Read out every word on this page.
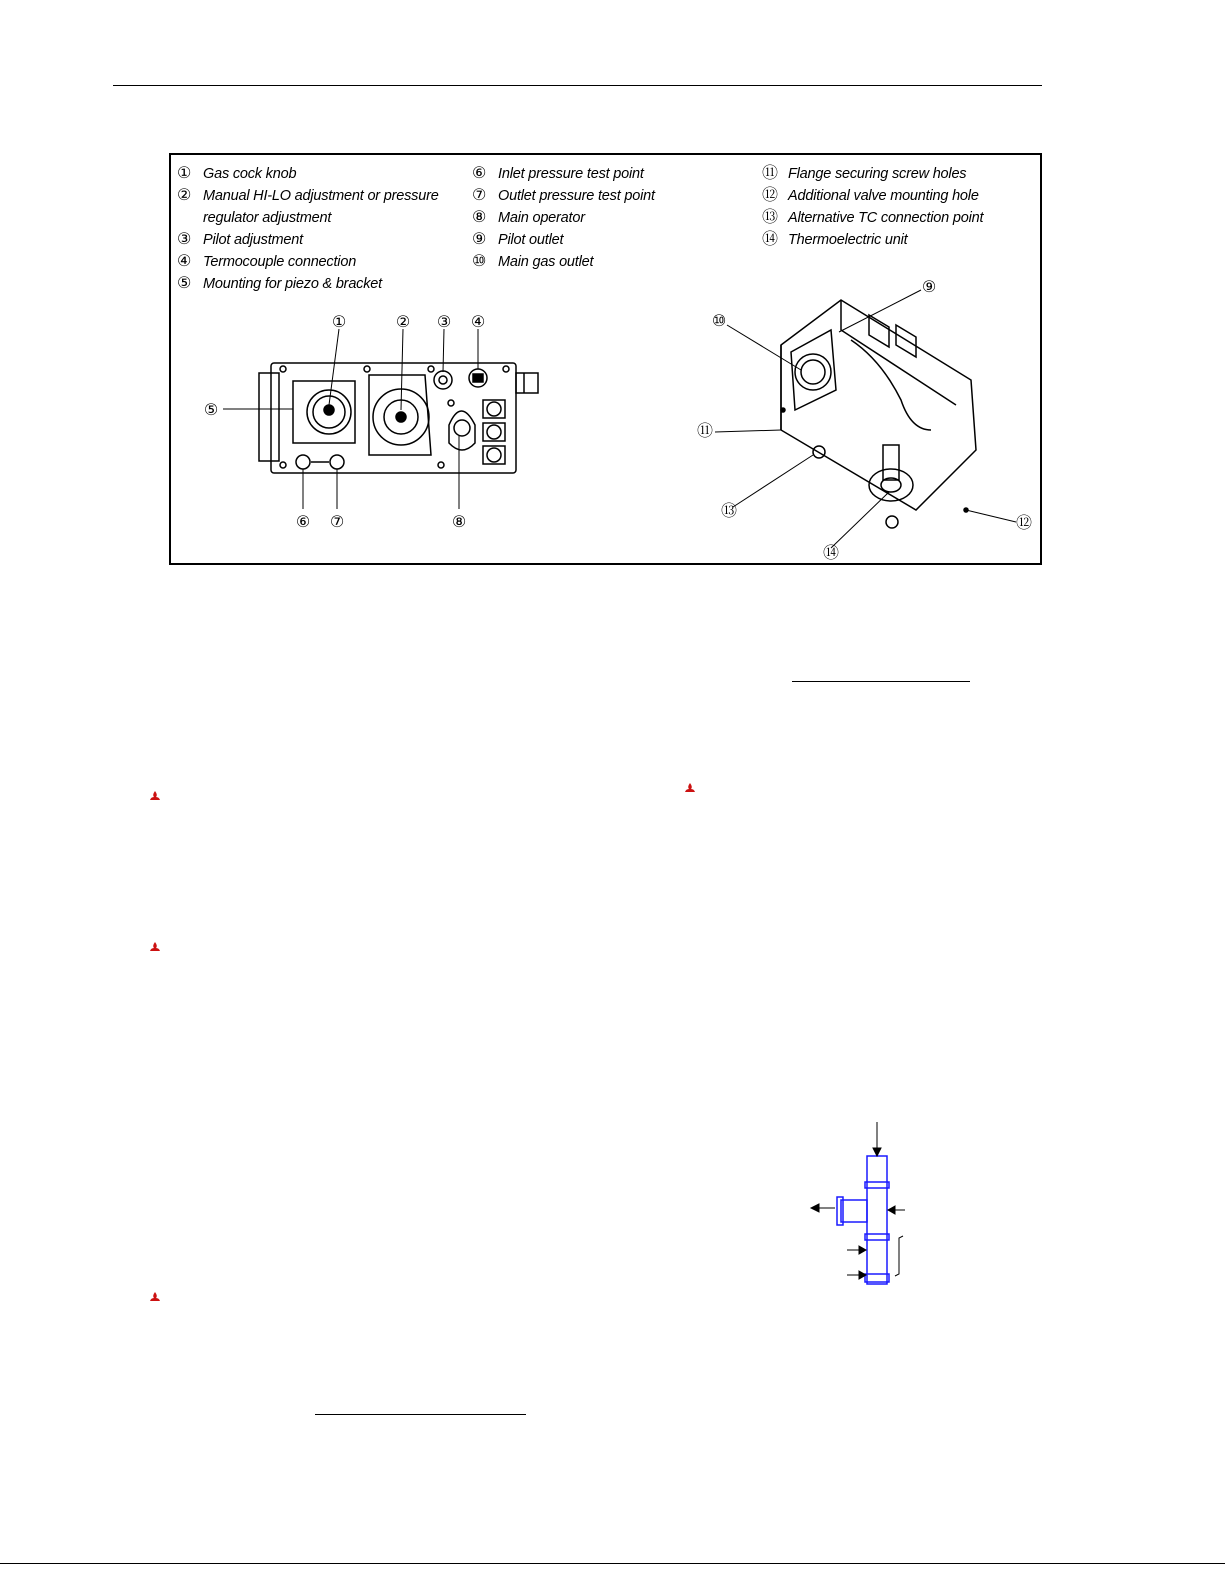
① Gas cock knob
② Manual HI-LO adjustment or pressure regulator adjustment
③ Pilot adjustment
④ Termocouple connection
⑤ Mounting for piezo & bracket
⑥ Inlet pressure test point
⑦ Outlet pressure test point
⑧ Main operator
⑨ Pilot outlet
⑩ Main gas outlet
⑪ Flange securing screw holes
⑫ Additional valve mounting hole
⑬ Alternative TC connection point
⑭ Thermoelectric unit
①	② ③ ④
⑤
⑥ ⑦	⑧
⑨
⑩
⑪
⑫
⑬
⑭
